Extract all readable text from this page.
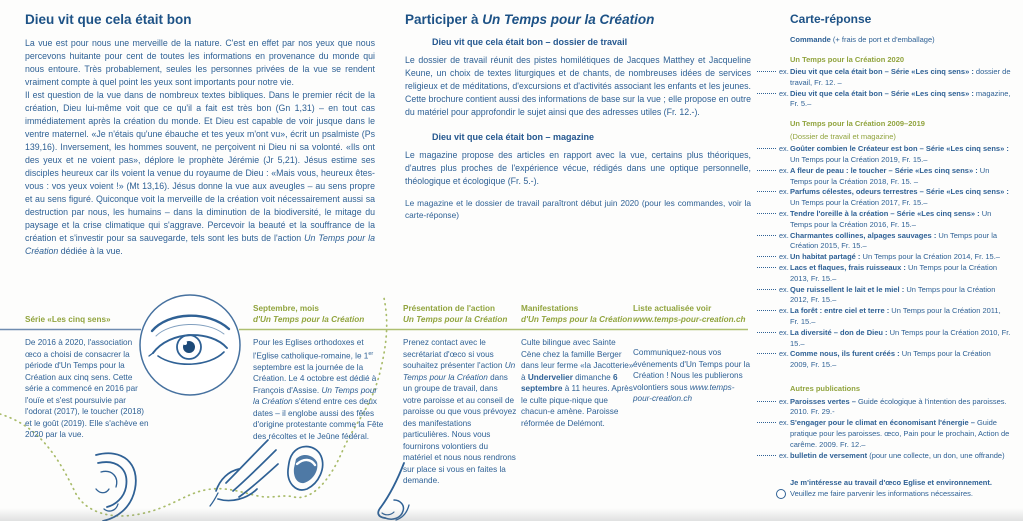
Dieu vit que cela était bon

La vue est pour nous une merveille de la nature. C'est en effet par nos yeux que nous percevons huitante pour cent de toutes les informations en provenance du monde qui nous entoure. Très probablement, seules les personnes privées de la vue se rendent vraiment compte à quel point les yeux sont importants pour notre vie.

Il est question de la vue dans de nombreux textes bibliques. Dans le premier récit de la création, Dieu lui-même voit que ce qu'il a fait est très bon (Gn 1,31) – en tout cas immédiatement après la création du monde. Et Dieu est capable de voir jusque dans le ventre maternel. «Je n'étais qu'une ébauche et tes yeux m'ont vu», écrit un psalmiste (Ps 139,16). Inversement, les hommes souvent, ne perçoivent ni Dieu ni sa volonté. «Ils ont des yeux et ne voient pas», déplore le prophète Jérémie (Jr 5,21). Jésus estime ses disciples heureux car ils voient la venue du royaume de Dieu : «Mais vous, heureux êtes-vous : vos yeux voient !» (Mt 13,16). Jésus donne la vue aux aveugles – au sens propre et au sens figuré. Quiconque voit la merveille de la création voit nécessairement aussi sa destruction par nous, les humains – dans la diminution de la biodiversité, le mitage du paysage et la crise climatique qui s'aggrave. Percevoir la beauté et la souffrance de la création et s'investir pour sa sauvegarde, tels sont les buts de l'action Un Temps pour la Création dédiée à la vue.

Participer à Un Temps pour la Création
Dieu vit que cela était bon – dossier de travail

Le dossier de travail réunit des pistes homilétiques de Jacques Matthey et Jacqueline Keune, un choix de textes liturgiques et de chants, de nombreuses idées de services religieux et de méditations, d'excursions et d'activités associant les enfants et les jeunes. Cette brochure contient aussi des informations de base sur la vue ; elle propose en outre du matériel pour approfondir le sujet ainsi que des adresses utiles (Fr. 12.-).

Dieu vit que cela était bon – magazine

Le magazine propose des articles en rapport avec la vue, certains plus théoriques, d'autres plus proches de l'expérience vécue, rédigés dans une optique personnelle, théologique et écologique (Fr. 5.-).

Le magazine et le dossier de travail paraîtront début juin 2020 (pour les commandes, voir la carte-réponse)

Série «Les cinq sens»
De 2016 à 2020, l'association œco a choisi de consacrer la période d'Un Temps pour la Création aux cinq sens. Cette série a commencé en 2016 par l'ouïe et s'est poursuivie par l'odorat (2017), le toucher (2018) et le goût (2019). Elle s'achève en 2020 par la vue.
Septembre, mois
d'Un Temps pour la Création
Pour les Eglises orthodoxes et l'Eglise catholique-romaine, le 1er septembre est la journée de la Création. Le 4 octobre est dédié à François d'Assise. Un Temps pour la Création s'étend entre ces deux dates – il englobe aussi des fêtes d'origine protestante comme la Fête des récoltes et le Jeûne fédéral.
Présentation de l'action
Un Temps pour la Création
Prenez contact avec le secrétariat d'œco si vous souhaitez présenter l'action Un Temps pour la Création dans un groupe de travail, dans votre paroisse et au conseil de paroisse ou que vous prévoyez des manifestations particulières. Nous vous fournirons volontiers du matériel et nous nous rendrons sur place si vous en faites la demande.
Manifestations
d'Un Temps pour la Création
Culte bilingue avec Sainte Cène chez la famille Berger dans leur ferme «la Jacotterie» à Undervelier dimanche 6 septembre à 11 heures. Après le culte pique-nique que chacun-e amène. Paroisse réformée de Delémont.
Liste actualisée voir
www.temps-pour-creation.ch
Communiquez-nous vos événements d'Un Temps pour la Création ! Nous les publierons volontiers sous www.temps-pour-creation.ch
Carte-réponse
Commande (+ frais de port et d'emballage)
Un Temps pour la Création 2020
ex.Dieu vit que cela était bon – Série «Les cinq sens» : dossier de travail, Fr. 12. –
ex.Dieu vit que cela était bon – Série «Les cinq sens» : magazine, Fr. 5.–
Un Temps pour la Création 2009–2019
(Dossier de travail et magazine)
ex.Goûter combien le Créateur est bon – Série «Les cinq sens» : Un Temps pour la Création 2019, Fr. 15.–
ex.A fleur de peau : le toucher – Série «Les cinq sens» : Un Temps pour la Création 2018, Fr. 15. –
ex.Parfums célestes, odeurs terrestres – Série «Les cinq sens» : Un Temps pour la Création 2017, Fr. 15.–
ex.Tendre l'oreille à la création – Série «Les cinq sens» : Un Temps pour la Création 2016, Fr. 15.–
ex.Charmantes collines, alpages sauvages : Un Temps pour la Création 2015, Fr. 15.–
ex.Un habitat partagé : Un Temps pour la Création 2014, Fr. 15.–
ex.Lacs et flaques, frais ruisseaux : Un Temps pour la Création 2013, Fr. 15.–
ex.Que ruissellent le lait et le miel : Un Temps pour la Création 2012, Fr. 15.–
ex.La forêt : entre ciel et terre : Un Temps pour la Création 2011, Fr. 15.–
ex.La diversité – don de Dieu : Un Temps pour la Création 2010, Fr. 15.–
ex.Comme nous, ils furent créés : Un Temps pour la Création 2009, Fr. 15.–
Autres publications
ex.Paroisses vertes – Guide écologique à l'intention des paroisses. 2010. Fr. 29.-
ex.S'engager pour le climat en économisant l'énergie – Guide pratique pour les paroisses. œco, Pain pour le prochain, Action de carême. 2009. Fr. 12.–
ex.bulletin de versement (pour une collecte, un don, une offrande)
Je m'intéresse au travail d'œco Eglise et environnement.
Veuillez me faire parvenir les informations nécessaires.
